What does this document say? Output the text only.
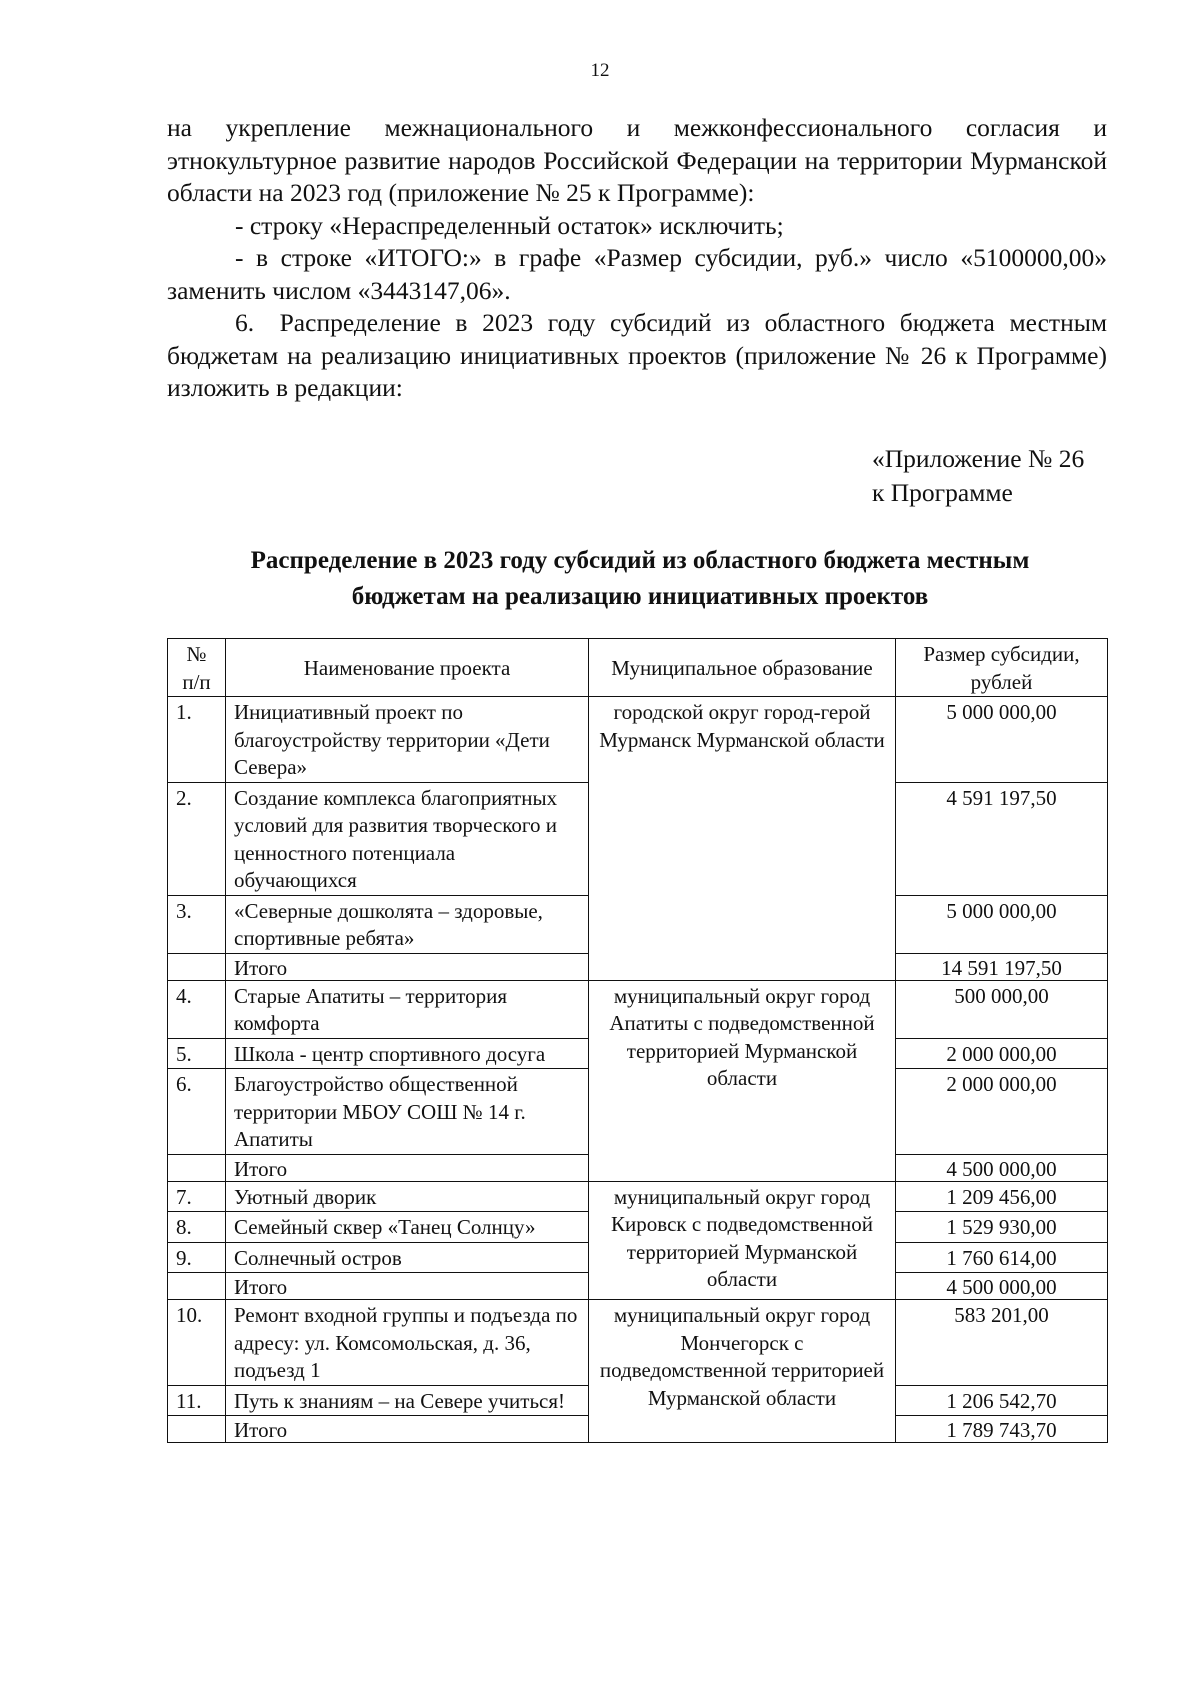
12

на укрепление межнационального и межконфессионального согласия и этнокультурное развитие народов Российской Федерации на территории Мурманской области на 2023 год (приложение № 25 к Программе):

- строку «Нераспределенный остаток» исключить;

- в строке «ИТОГО:» в графе «Размер субсидии, руб.» число «5100000,00» заменить числом «3443147,06».

6. Распределение в 2023 году субсидий из областного бюджета местным бюджетам на реализацию инициативных проектов (приложение № 26 к Программе) изложить в редакции:

«Приложение № 26
к Программе
Распределение в 2023 году субсидий из областного бюджета местным
бюджетам на реализацию инициативных проектов
№ п/п	Наименование проекта	Муниципальное образование	Размер субсидии, рублей
1.	Инициативный проект по благоустройству территории «Дети Севера»	городской округ город-герой Мурманск Мурманской области	5 000 000,00
2.	Создание комплекса благоприятных условий для развития творческого и ценностного потенциала обучающихся		4 591 197,50
3.	«Северные дошколята – здоровые, спортивные ребята»		5 000 000,00
	Итого		14 591 197,50
4.	Старые Апатиты – территория комфорта	муниципальный округ город Апатиты с подведомственной территорией Мурманской области	500 000,00
5.	Школа - центр спортивного досуга		2 000 000,00
6.	Благоустройство общественной территории МБОУ СОШ № 14 г. Апатиты		2 000 000,00
	Итого		4 500 000,00
7.	Уютный дворик	муниципальный округ город Кировск с подведомственной территорией Мурманской области	1 209 456,00
8.	Семейный сквер «Танец Солнцу»		1 529 930,00
9.	Солнечный остров		1 760 614,00
	Итого		4 500 000,00
10.	Ремонт входной группы и подъезда по адресу: ул. Комсомольская, д. 36, подъезд 1	муниципальный округ город Мончегорск с подведомственной территорией Мурманской области	583 201,00
11.	Путь к знаниям – на Севере учиться!		1 206 542,70
	Итого		1 789 743,70
